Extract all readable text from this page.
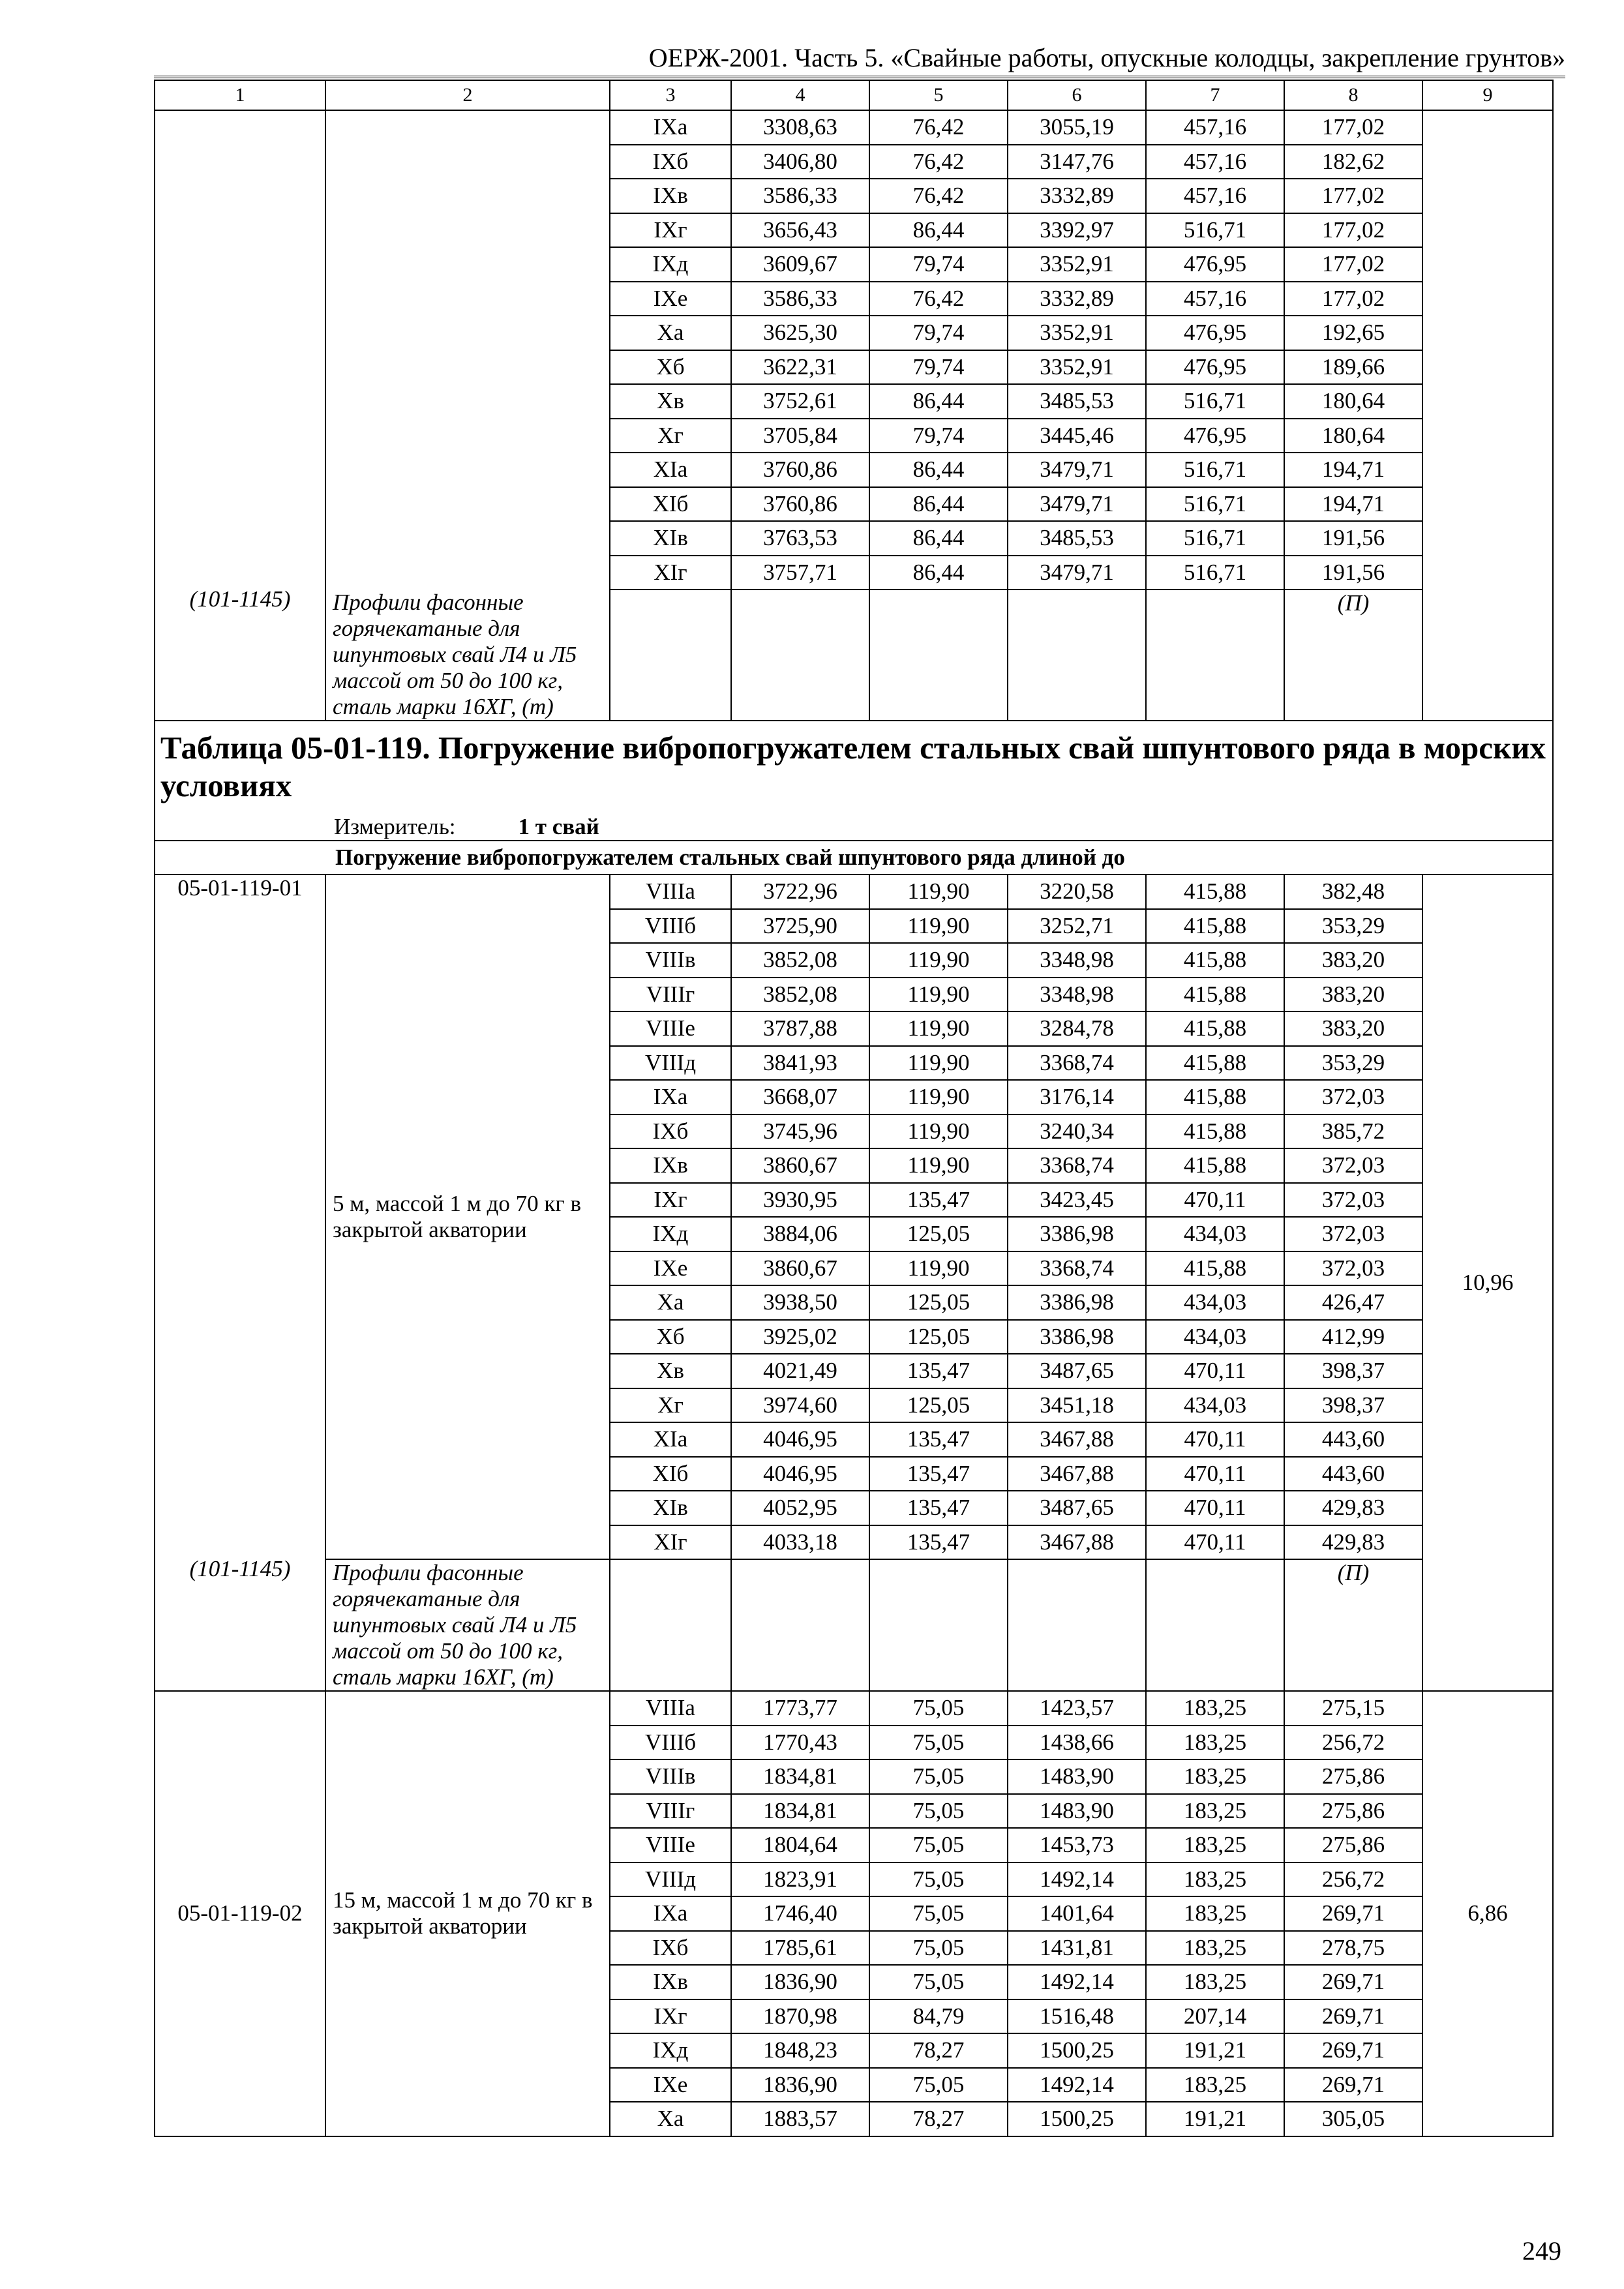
ОЕРЖ-2001. Часть 5. «Свайные работы, опускные колодцы, закрепление грунтов»
1	2	3	4	5	6	7	8	9

(101-1145)		IXа	3308,63	76,42	3055,19	457,16	177,02	
		IXб	3406,80	76,42	3147,76	457,16	182,62	
		IXв	3586,33	76,42	3332,89	457,16	177,02	
		IXг	3656,43	86,44	3392,97	516,71	177,02	
		IXд	3609,67	79,74	3352,91	476,95	177,02	
		IXе	3586,33	76,42	3332,89	457,16	177,02	
		Xа	3625,30	79,74	3352,91	476,95	192,65	
		Xб	3622,31	79,74	3352,91	476,95	189,66	
		Xв	3752,61	86,44	3485,53	516,71	180,64	
		Xг	3705,84	79,74	3445,46	476,95	180,64	
		XIа	3760,86	86,44	3479,71	516,71	194,71	
		XIб	3760,86	86,44	3479,71	516,71	194,71	
		XIв	3763,53	86,44	3485,53	516,71	191,56	
		XIг	3757,71	86,44	3479,71	516,71	191,56	
	Профили фасонные горячекатаные для шпунтовых свай Л4 и Л5 массой от 50 до 100 кг, сталь марки 16ХГ, (т)						(П)	

Таблица 05-01-119. Погружение вибропогружателем стальных свай шпунтового ряда в морских условиях
Измеритель: 1 т свай								

Погружение вибропогружателем стальных свай шпунтового ряда длиной до								

05-01-119-01
(101-1145)	5 м, массой 1 м до 70 кг в закрытой акватории	VIIIа	3722,96	119,90	3220,58	415,88	382,48	10,96
		VIIIб	3725,90	119,90	3252,71	415,88	353,29	
		VIIIв	3852,08	119,90	3348,98	415,88	383,20	
		VIIIг	3852,08	119,90	3348,98	415,88	383,20	
		VIIIе	3787,88	119,90	3284,78	415,88	383,20	
		VIIIд	3841,93	119,90	3368,74	415,88	353,29	
		IXа	3668,07	119,90	3176,14	415,88	372,03	
		IXб	3745,96	119,90	3240,34	415,88	385,72	
		IXв	3860,67	119,90	3368,74	415,88	372,03	
		IXг	3930,95	135,47	3423,45	470,11	372,03	
		IXд	3884,06	125,05	3386,98	434,03	372,03	
		IXе	3860,67	119,90	3368,74	415,88	372,03	
		Xа	3938,50	125,05	3386,98	434,03	426,47	
		Xб	3925,02	125,05	3386,98	434,03	412,99	
		Xв	4021,49	135,47	3487,65	470,11	398,37	
		Xг	3974,60	125,05	3451,18	434,03	398,37	
		XIа	4046,95	135,47	3467,88	470,11	443,60	
		XIб	4046,95	135,47	3467,88	470,11	443,60	
		XIв	4052,95	135,47	3487,65	470,11	429,83	
		XIг	4033,18	135,47	3467,88	470,11	429,83	
	Профили фасонные горячекатаные для шпунтовых свай Л4 и Л5 массой от 50 до 100 кг, сталь марки 16ХГ, (т)						(П)	
05-01-119-02	15 м, массой 1 м до 70 кг в закрытой акватории	VIIIа	1773,77	75,05	1423,57	183,25	275,15	6,86
		VIIIб	1770,43	75,05	1438,66	183,25	256,72	
		VIIIв	1834,81	75,05	1483,90	183,25	275,86	
		VIIIг	1834,81	75,05	1483,90	183,25	275,86	
		VIIIе	1804,64	75,05	1453,73	183,25	275,86	
		VIIIд	1823,91	75,05	1492,14	183,25	256,72	
		IXа	1746,40	75,05	1401,64	183,25	269,71	
		IXб	1785,61	75,05	1431,81	183,25	278,75	
		IXв	1836,90	75,05	1492,14	183,25	269,71	
		IXг	1870,98	84,79	1516,48	207,14	269,71	
		IXд	1848,23	78,27	1500,25	191,21	269,71	
		IXе	1836,90	75,05	1492,14	183,25	269,71	
		Xа	1883,57	78,27	1500,25	191,21	305,05	
249
